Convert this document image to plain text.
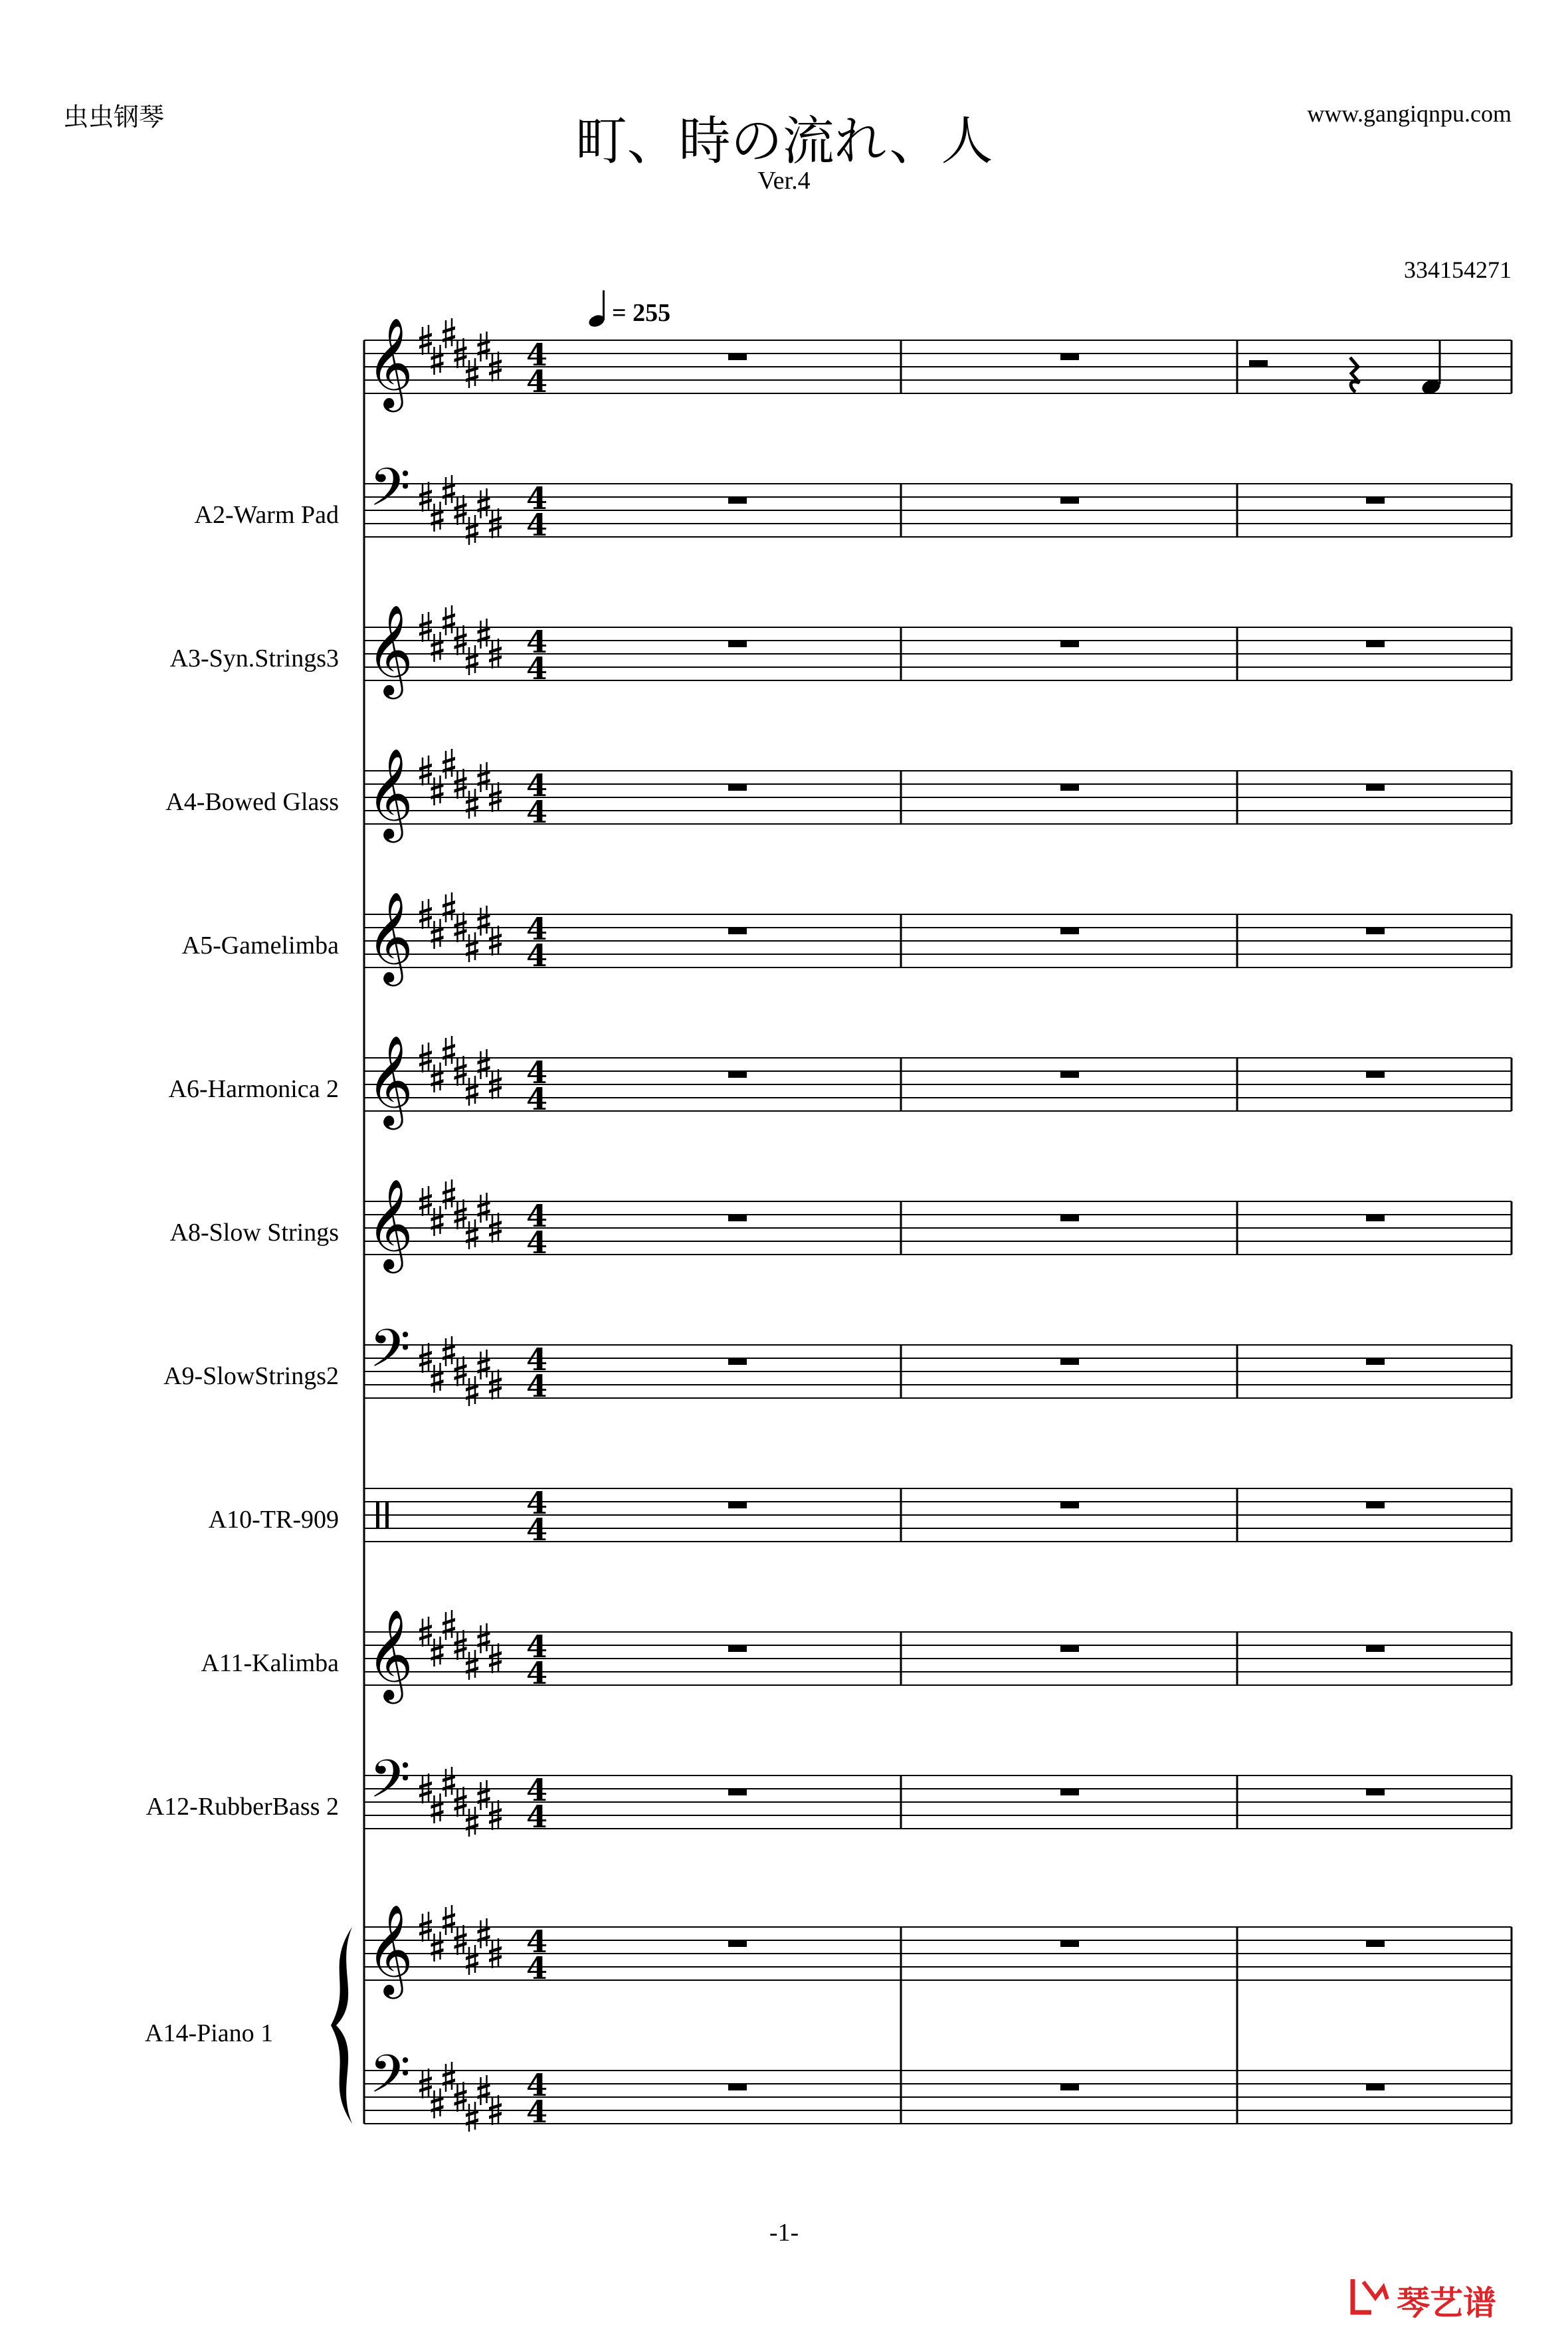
虫虫钢琴	www.gangiqnpu.com
町、時の流れ、人
Ver.4
334154271
= 255
A2-Warm Pad
A3-Syn.Strings3
A4-Bowed Glass
A5-Gamelimba
A6-Harmonica 2
A8-Slow Strings
A9-SlowStrings2
A10-TR-909
A11-Kalimba
A12-RubberBass 2
A14-Piano 1
𝄞	4
4
𝄢	4
4
𝄞	4
4
𝄞	4
4
𝄞	4
4
𝄞	4
4
𝄞	4
4
𝄢	4
4
4
4
𝄞	4
4
𝄢	4
4
𝄞	4
4
𝄢	4
4
-1-
琴艺谱
